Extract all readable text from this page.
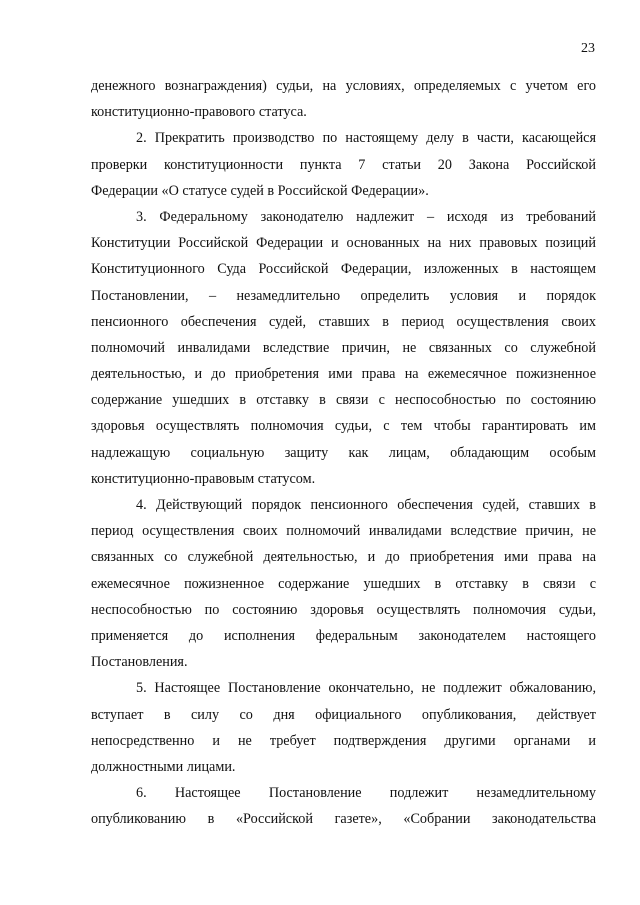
23
денежного вознаграждения) судьи, на условиях, определяемых с учетом его
конституционно-правового статуса.
2. Прекратить производство по настоящему делу в части, касающейся
проверки конституционности пункта 7 статьи 20 Закона Российской
Федерации «О статусе судей в Российской Федерации».
3. Федеральному законодателю надлежит – исходя из требований
Конституции Российской Федерации и основанных на них правовых позиций
Конституционного Суда Российской Федерации, изложенных в настоящем
Постановлении, – незамедлительно определить условия и порядок
пенсионного обеспечения судей, ставших в период осуществления своих
полномочий инвалидами вследствие причин, не связанных со служебной
деятельностью, и до приобретения ими права на ежемесячное пожизненное
содержание ушедших в отставку в связи с неспособностью по состоянию
здоровья осуществлять полномочия судьи, с тем чтобы гарантировать им
надлежащую социальную защиту как лицам, обладающим особым
конституционно-правовым статусом.
4. Действующий порядок пенсионного обеспечения судей, ставших в
период осуществления своих полномочий инвалидами вследствие причин, не
связанных со служебной деятельностью, и до приобретения ими права на
ежемесячное пожизненное содержание ушедших в отставку в связи с
неспособностью по состоянию здоровья осуществлять полномочия судьи,
применяется до исполнения федеральным законодателем настоящего
Постановления.
5. Настоящее Постановление окончательно, не подлежит обжалованию,
вступает в силу со дня официального опубликования, действует
непосредственно и не требует подтверждения другими органами и
должностными лицами.
6. Настоящее Постановление подлежит незамедлительному
опубликованию в «Российской газете», «Собрании законодательства
